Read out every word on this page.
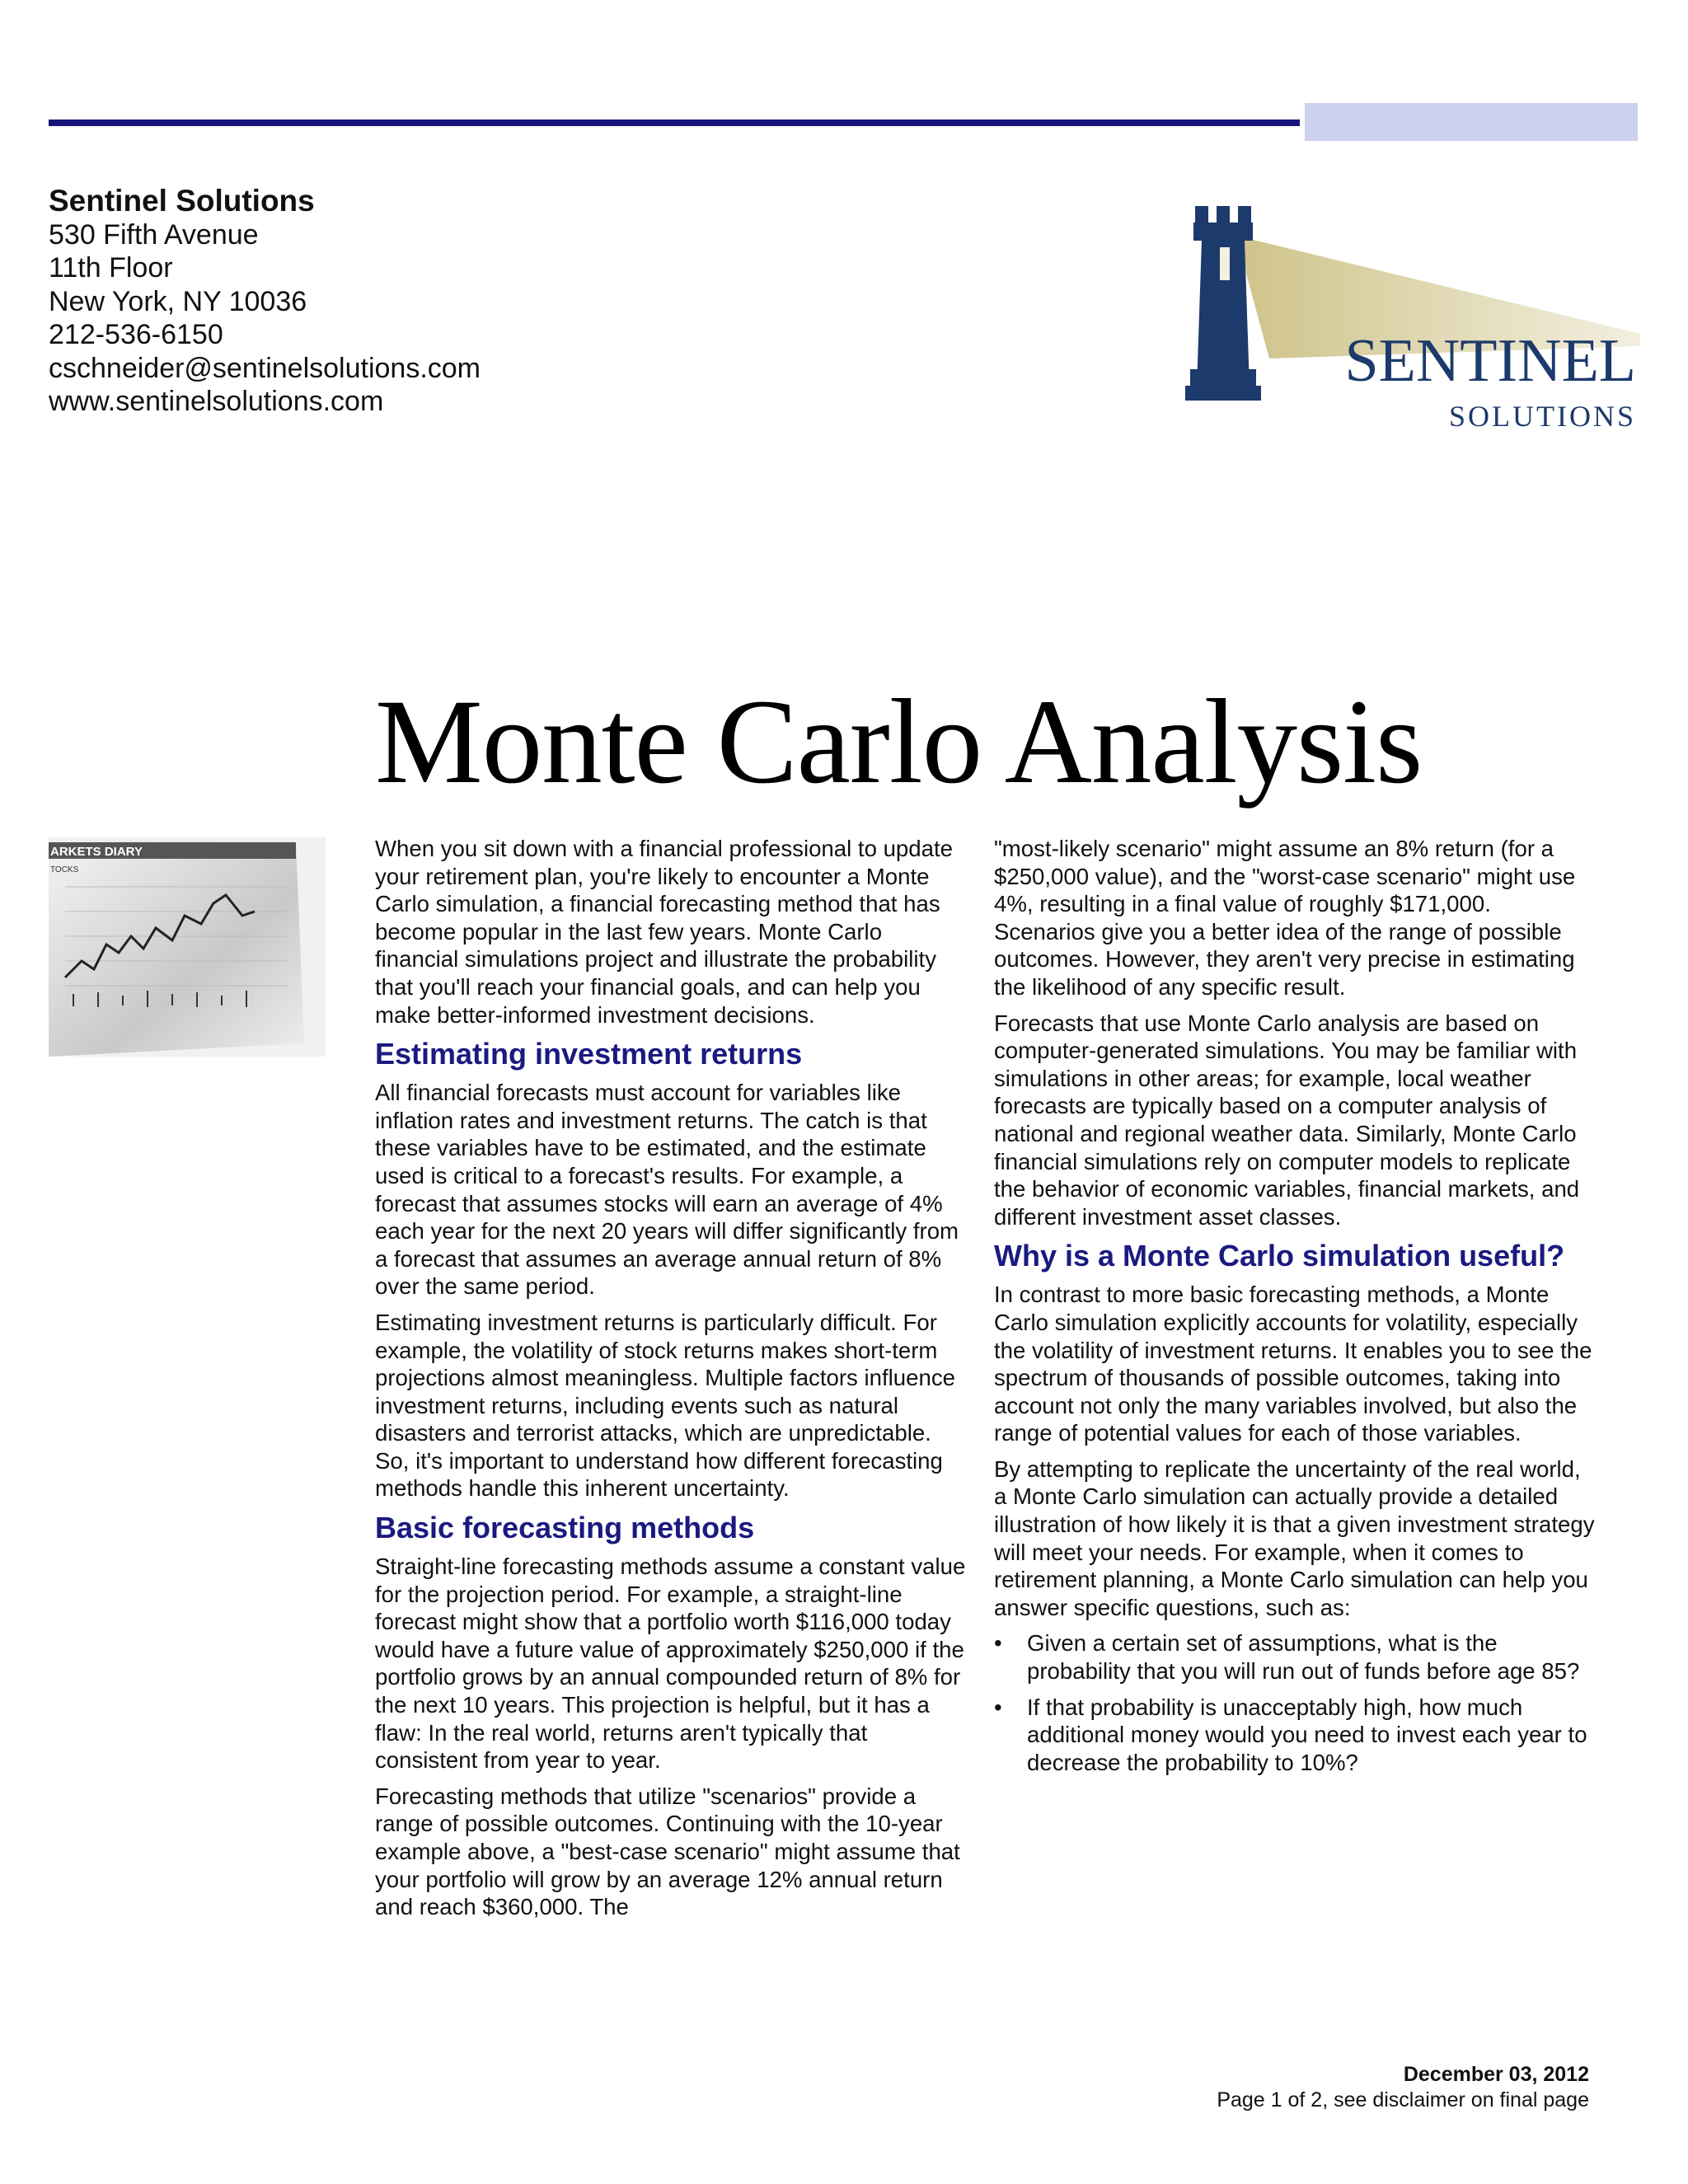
Sentinel Solutions
530 Fifth Avenue
11th Floor
New York, NY 10036
212-536-6150
cschneider@sentinelsolutions.com
www.sentinelsolutions.com
SENTINEL
SOLUTIONS
Monte Carlo Analysis
ARKETS DIARY
TOCKS

When you sit down with a financial professional to update your retirement plan, you're likely to encounter a Monte Carlo simulation, a financial forecasting method that has become popular in the last few years. Monte Carlo financial simulations project and illustrate the probability that you'll reach your financial goals, and can help you make better-informed investment decisions.

Estimating investment returns

All financial forecasts must account for variables like inflation rates and investment returns. The catch is that these variables have to be estimated, and the estimate used is critical to a forecast's results. For example, a forecast that assumes stocks will earn an average of 4% each year for the next 20 years will differ significantly from a forecast that assumes an average annual return of 8% over the same period.

Estimating investment returns is particularly difficult. For example, the volatility of stock returns makes short-term projections almost meaningless. Multiple factors influence investment returns, including events such as natural disasters and terrorist attacks, which are unpredictable. So, it's important to understand how different forecasting methods handle this inherent uncertainty.

Basic forecasting methods

Straight-line forecasting methods assume a constant value for the projection period. For example, a straight-line forecast might show that a portfolio worth $116,000 today would have a future value of approximately $250,000 if the portfolio grows by an annual compounded return of 8% for the next 10 years. This projection is helpful, but it has a flaw: In the real world, returns aren't typically that consistent from year to year.

Forecasting methods that utilize "scenarios" provide a range of possible outcomes. Continuing with the 10-year example above, a "best-case scenario" might assume that your portfolio will grow by an average 12% annual return and reach $360,000. The

"most-likely scenario" might assume an 8% return (for a $250,000 value), and the "worst-case scenario" might use 4%, resulting in a final value of roughly $171,000. Scenarios give you a better idea of the range of possible outcomes. However, they aren't very precise in estimating the likelihood of any specific result.

Forecasts that use Monte Carlo analysis are based on computer-generated simulations. You may be familiar with simulations in other areas; for example, local weather forecasts are typically based on a computer analysis of national and regional weather data. Similarly, Monte Carlo financial simulations rely on computer models to replicate the behavior of economic variables, financial markets, and different investment asset classes.

Why is a Monte Carlo simulation useful?

In contrast to more basic forecasting methods, a Monte Carlo simulation explicitly accounts for volatility, especially the volatility of investment returns. It enables you to see the spectrum of thousands of possible outcomes, taking into account not only the many variables involved, but also the range of potential values for each of those variables.

By attempting to replicate the uncertainty of the real world, a Monte Carlo simulation can actually provide a detailed illustration of how likely it is that a given investment strategy will meet your needs. For example, when it comes to retirement planning, a Monte Carlo simulation can help you answer specific questions, such as:

• Given a certain set of assumptions, what is the probability that you will run out of funds before age 85?
• If that probability is unacceptably high, how much additional money would you need to invest each year to decrease the probability to 10%?
December 03, 2012
Page 1 of 2, see disclaimer on final page
